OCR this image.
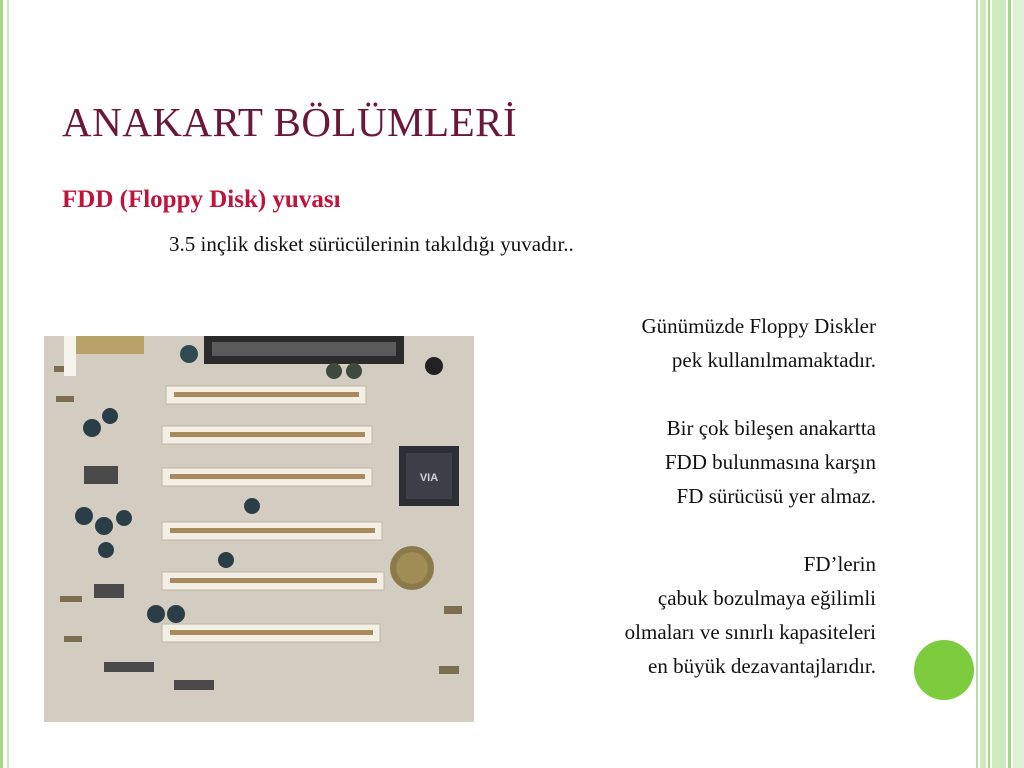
ANAKART BÖLÜMLERİ
FDD (Floppy Disk) yuvası

3.5 inçlik disket sürücülerinin takıldığı yuvadır..

VIA

Günümüzde Floppy Diskler
pek kullanılmamaktadır.

Bir çok bileşen anakartta
FDD bulunmasına karşın
FD sürücüsü yer almaz.

FD’lerin
çabuk bozulmaya eğilimli
olmaları ve sınırlı kapasiteleri
en büyük dezavantajlarıdır.
